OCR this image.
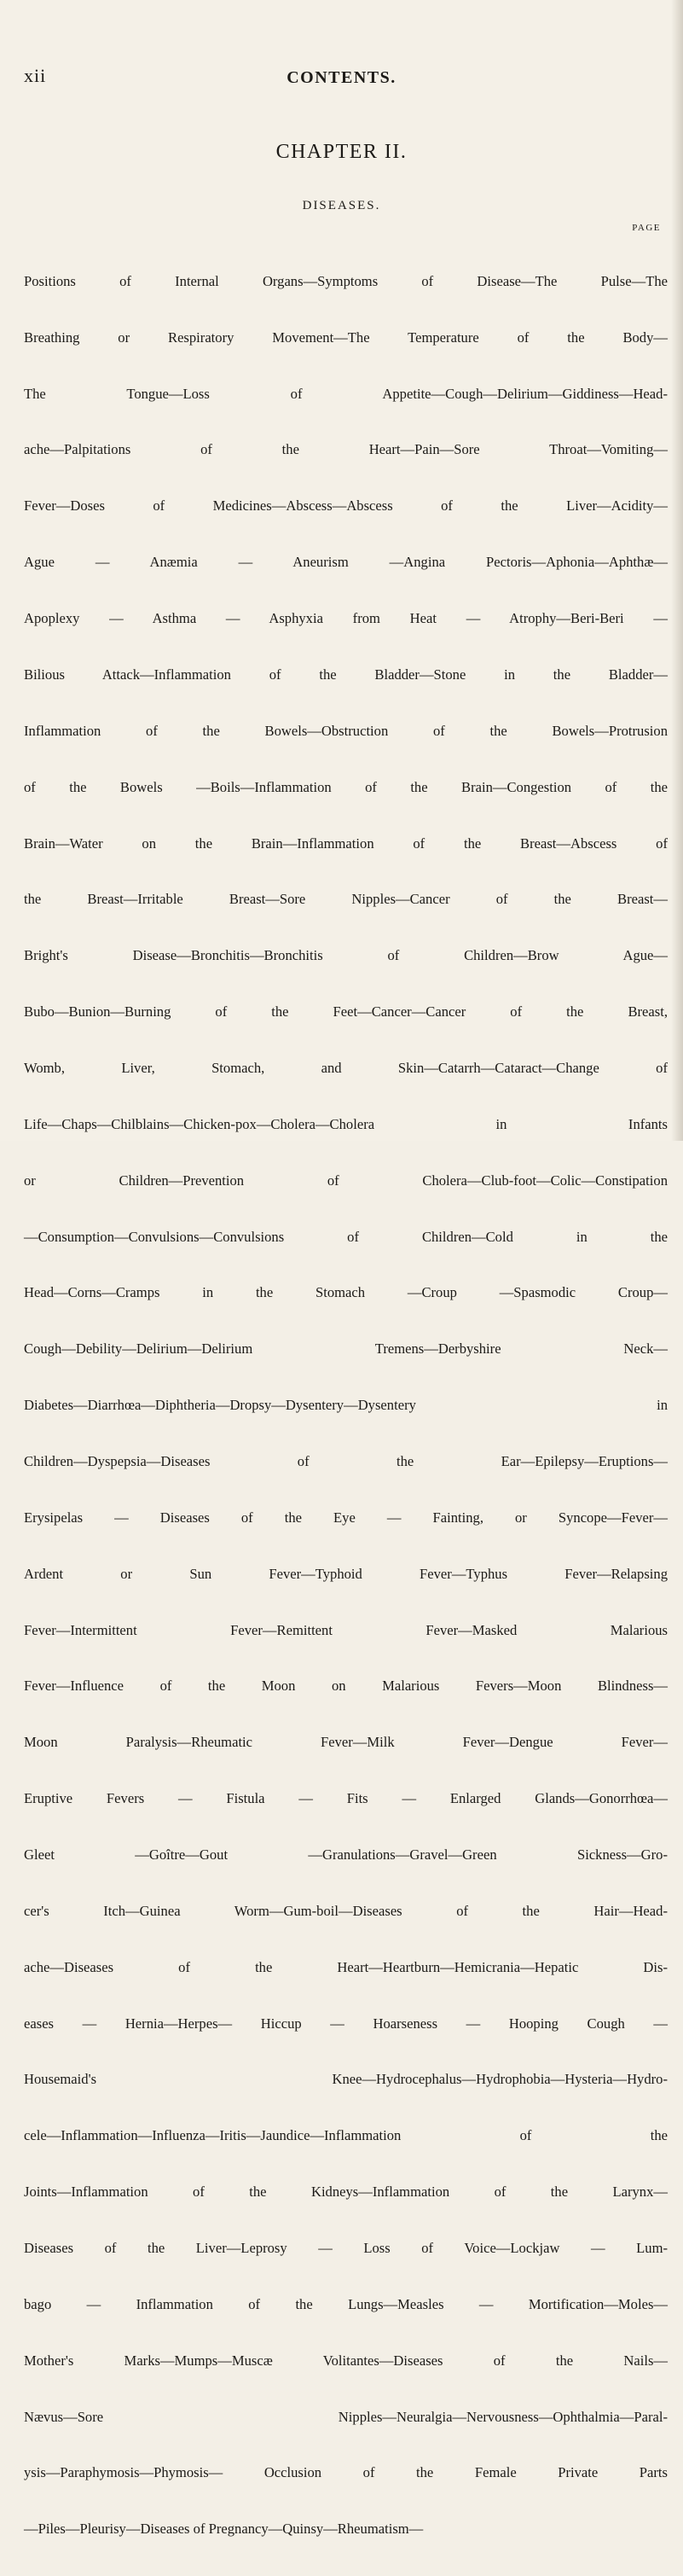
xii	CONTENTS.
CHAPTER II.
DISEASES.
PAGE

Positions of Internal Organs—Symptoms of Disease—The Pulse—The

Breathing or Respiratory Movement—The Temperature of the Body—

The Tongue—Loss of Appetite—Cough—Delirium—Giddiness—Head-

ache—Palpitations of the Heart—Pain—Sore Throat—Vomiting—

Fever—Doses of Medicines—Abscess—Abscess of the Liver—Acidity—

Ague — Anæmia — Aneurism —Angina Pectoris—Aphonia—Aphthæ—

Apoplexy — Asthma — Asphyxia from Heat — Atrophy—Beri-Beri —

Bilious Attack—Inflammation of the Bladder—Stone in the Bladder—

Inflammation of the Bowels—Obstruction of the Bowels—Protrusion

of the Bowels —Boils—Inflammation of the Brain—Congestion of the

Brain—Water on the Brain—Inflammation of the Breast—Abscess of

the Breast—Irritable Breast—Sore Nipples—Cancer of the Breast—

Bright's Disease—Bronchitis—Bronchitis of Children—Brow Ague—

Bubo—Bunion—Burning of the Feet—Cancer—Cancer of the Breast,

Womb, Liver, Stomach, and Skin—Catarrh—Cataract—Change of

Life—Chaps—Chilblains—Chicken-pox—Cholera—Cholera in Infants

or Children—Prevention of Cholera—Club-foot—Colic—Constipation

—Consumption—Convulsions—Convulsions of Children—Cold in the

Head—Corns—Cramps in the Stomach —Croup —Spasmodic Croup—

Cough—Debility—Delirium—Delirium Tremens—Derbyshire Neck—

Diabetes—Diarrhœa—Diphtheria—Dropsy—Dysentery—Dysentery in

Children—Dyspepsia—Diseases of the Ear—Epilepsy—Eruptions—

Erysipelas — Diseases of the Eye — Fainting, or Syncope—Fever—

Ardent or Sun Fever—Typhoid Fever—Typhus Fever—Relapsing

Fever—Intermittent Fever—Remittent Fever—Masked Malarious

Fever—Influence of the Moon on Malarious Fevers—Moon Blindness—

Moon Paralysis—Rheumatic Fever—Milk Fever—Dengue Fever—

Eruptive Fevers — Fistula — Fits — Enlarged Glands—Gonorrhœa—

Gleet —Goître—Gout —Granulations—Gravel—Green Sickness—Gro-

cer's Itch—Guinea Worm—Gum-boil—Diseases of the Hair—Head-

ache—Diseases of the Heart—Heartburn—Hemicrania—Hepatic Dis-

eases — Hernia—Herpes— Hiccup — Hoarseness — Hooping Cough —

Housemaid's Knee—Hydrocephalus—Hydrophobia—Hysteria—Hydro-

cele—Inflammation—Influenza—Iritis—Jaundice—Inflammation of the

Joints—Inflammation of the Kidneys—Inflammation of the Larynx—

Diseases of the Liver—Leprosy — Loss of Voice—Lockjaw — Lum-

bago — Inflammation of the Lungs—Measles — Mortification—Moles—

Mother's Marks—Mumps—Muscæ Volitantes—Diseases of the Nails—

Nævus—Sore Nipples—Neuralgia—Nervousness—Ophthalmia—Paral-

ysis—Paraphymosis—Phymosis— Occlusion of the Female Private Parts

—Piles—Pleurisy—Diseases of Pregnancy—Quinsy—Rheumatism—
